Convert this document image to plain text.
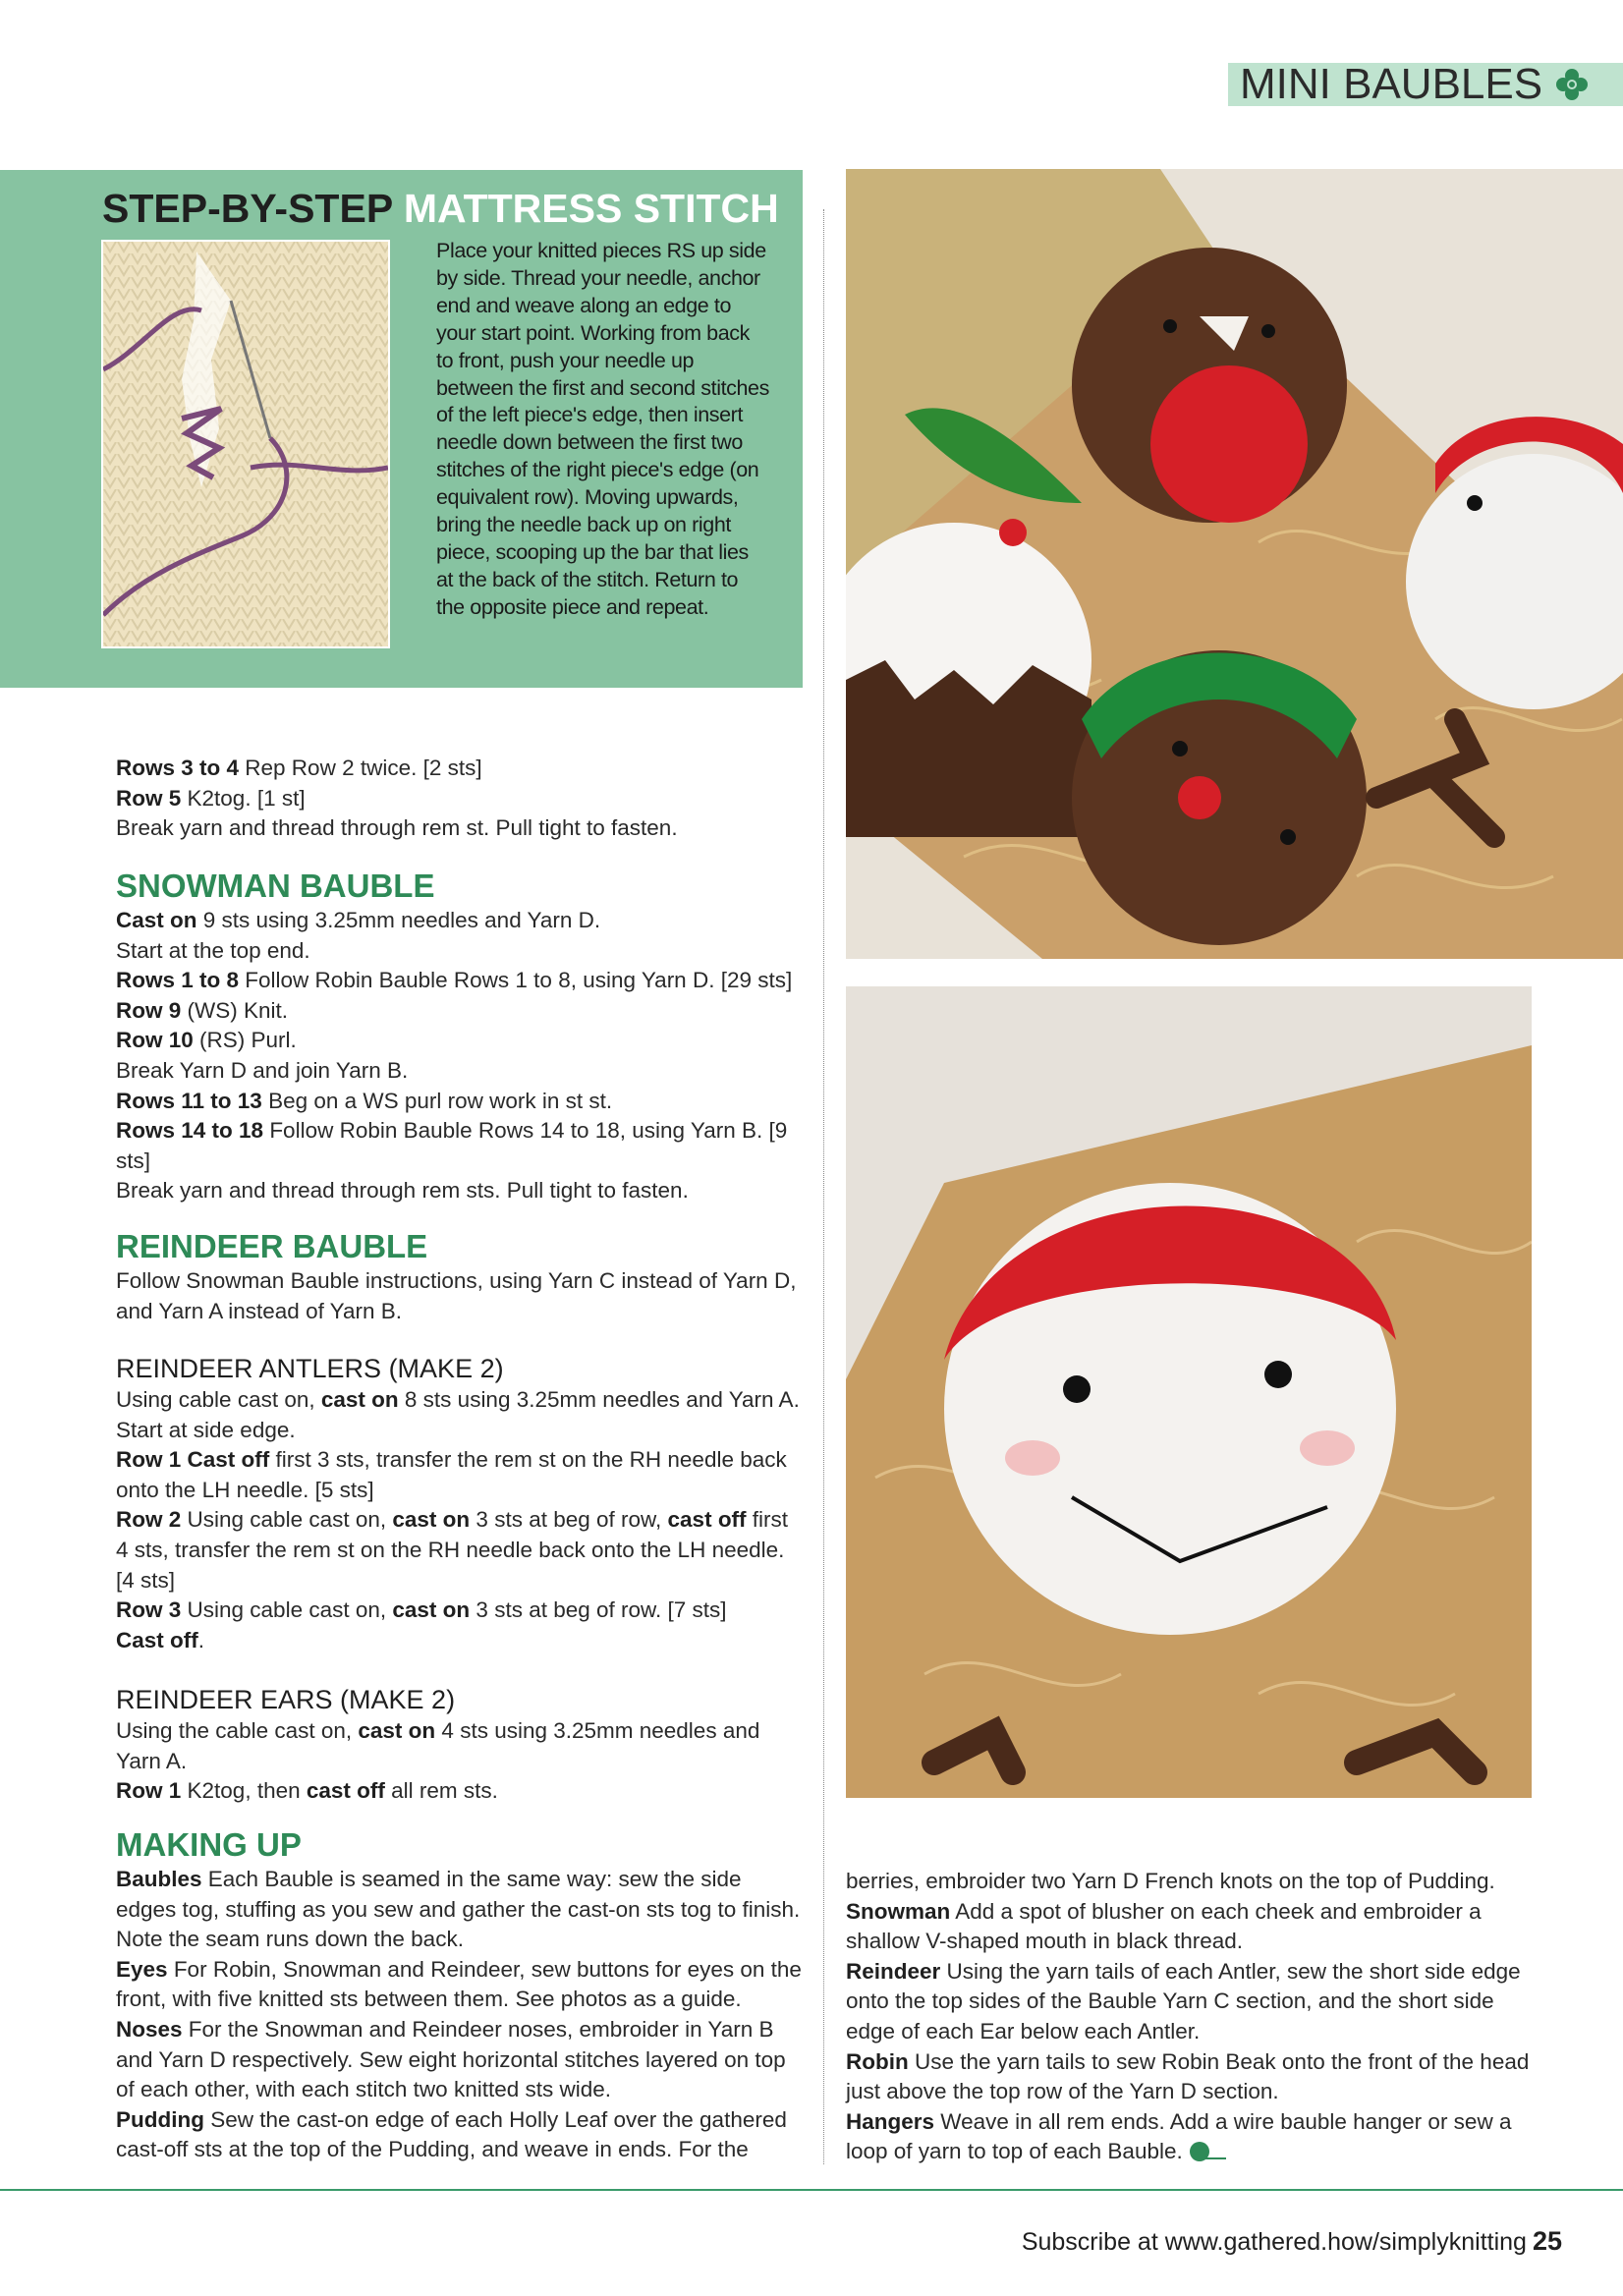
MINI BAUBLES
STEP-BY-STEP MATTRESS STITCH
Place your knitted pieces RS up side by side. Thread your needle, anchor end and weave along an edge to your start point. Working from back to front, push your needle up between the first and second stitches of the left piece's edge, then insert needle down between the first two stitches of the right piece's edge (on equivalent row). Moving upwards, bring the needle back up on right piece, scooping up the bar that lies at the back of the stitch. Return to the opposite piece and repeat.

Rows 3 to 4 Rep Row 2 twice. [2 sts]

Row 5 K2tog. [1 st]

Break yarn and thread through rem st. Pull tight to fasten.

SNOWMAN BAUBLE

Cast on 9 sts using 3.25mm needles and Yarn D.

Start at the top end.

Rows 1 to 8 Follow Robin Bauble Rows 1 to 8, using Yarn D. [29 sts]

Row 9 (WS) Knit.

Row 10 (RS) Purl.

Break Yarn D and join Yarn B.

Rows 11 to 13 Beg on a WS purl row work in st st.

Rows 14 to 18 Follow Robin Bauble Rows 14 to 18, using Yarn B. [9 sts]

Break yarn and thread through rem sts. Pull tight to fasten.

REINDEER BAUBLE

Follow Snowman Bauble instructions, using Yarn C instead of Yarn D, and Yarn A instead of Yarn B.

REINDEER ANTLERS (MAKE 2)

Using cable cast on, cast on 8 sts using 3.25mm needles and Yarn A.

Start at side edge.

Row 1 Cast off first 3 sts, transfer the rem st on the RH needle back onto the LH needle. [5 sts]

Row 2 Using cable cast on, cast on 3 sts at beg of row, cast off first 4 sts, transfer the rem st on the RH needle back onto the LH needle. [4 sts]

Row 3 Using cable cast on, cast on 3 sts at beg of row. [7 sts]

Cast off.

REINDEER EARS (MAKE 2)

Using the cable cast on, cast on 4 sts using 3.25mm needles and Yarn A.

Row 1 K2tog, then cast off all rem sts.

MAKING UP

Baubles Each Bauble is seamed in the same way: sew the side edges tog, stuffing as you sew and gather the cast-on sts tog to finish. Note the seam runs down the back.

Eyes For Robin, Snowman and Reindeer, sew buttons for eyes on the front, with five knitted sts between them. See photos as a guide.

Noses For the Snowman and Reindeer noses, embroider in Yarn B and Yarn D respectively. Sew eight horizontal stitches layered on top of each other, with each stitch two knitted sts wide.

Pudding Sew the cast-on edge of each Holly Leaf over the gathered cast-off sts at the top of the Pudding, and weave in ends. For the

berries, embroider two Yarn D French knots on the top of Pudding.

Snowman Add a spot of blusher on each cheek and embroider a shallow V-shaped mouth in black thread.

Reindeer Using the yarn tails of each Antler, sew the short side edge onto the top sides of the Bauble Yarn C section, and the short side edge of each Ear below each Antler.

Robin Use the yarn tails to sew Robin Beak onto the front of the head just above the top row of the Yarn D section.

Hangers Weave in all rem ends. Add a wire bauble hanger or sew a loop of yarn to top of each Bauble.

Subscribe at www.gathered.how/simplyknitting 25
